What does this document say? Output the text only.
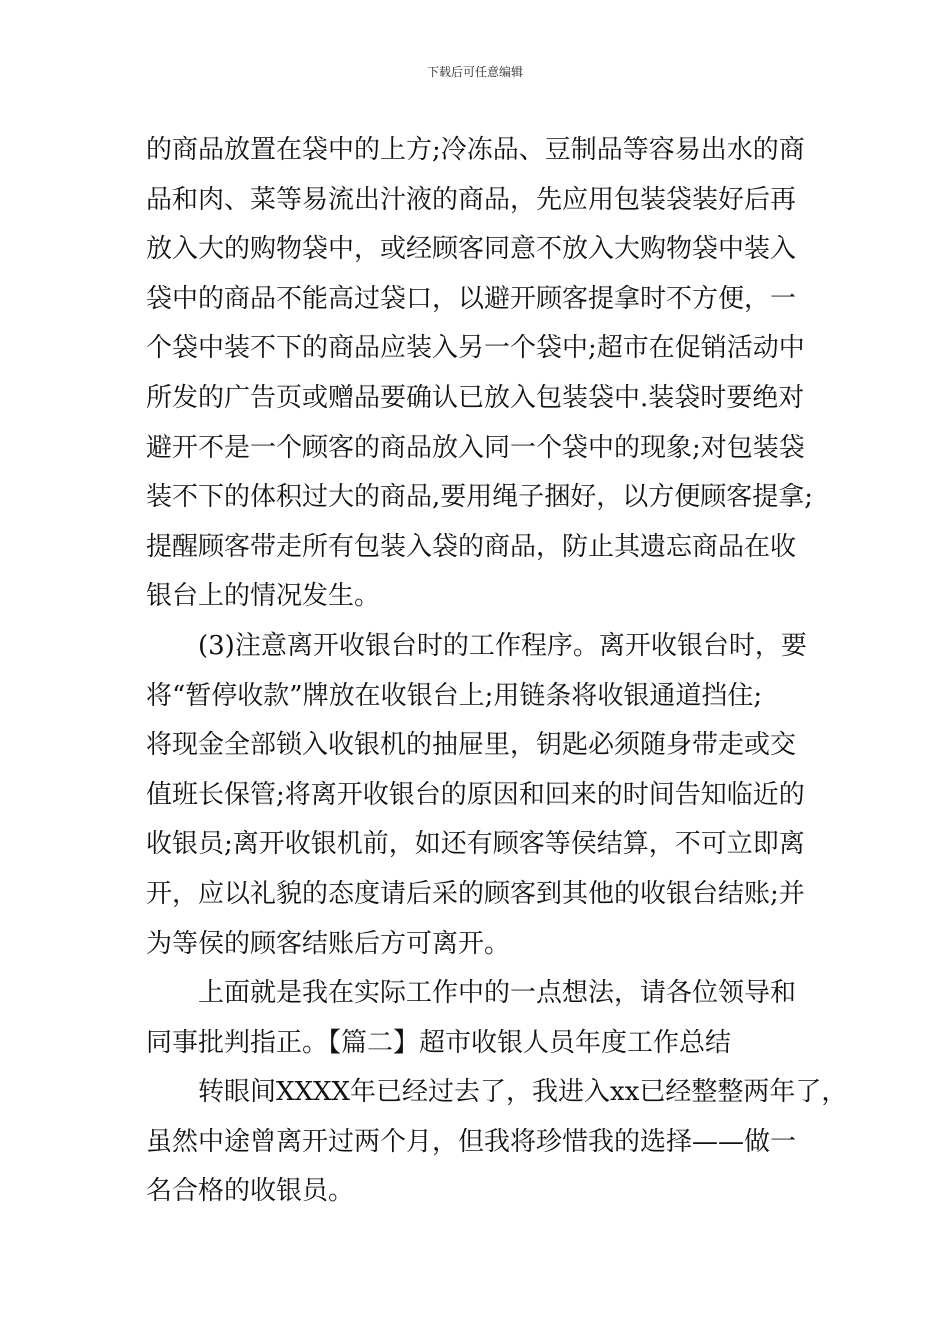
下载后可任意编辑
的商品放置在袋中的上方;冷冻品、豆制品等容易出水的商
品和肉、菜等易流出汁液的商品，先应用包装袋装好后再
放入大的购物袋中，或经顾客同意不放入大购物袋中装入
袋中的商品不能高过袋口，以避开顾客提拿时不方便，一
个袋中装不下的商品应装入另一个袋中;超市在促销活动中
所发的广告页或赠品要确认已放入包装袋中.装袋时要绝对
避开不是一个顾客的商品放入同一个袋中的现象;对包装袋
装不下的体积过大的商品,要用绳子捆好，以方便顾客提拿;
提醒顾客带走所有包装入袋的商品，防止其遗忘商品在收
银台上的情况发生。
(3)注意离开收银台时的工作程序。离开收银台时，要
将“暂停收款”牌放在收银台上;用链条将收银通道挡住;
将现金全部锁入收银机的抽屉里，钥匙必须随身带走或交
值班长保管;将离开收银台的原因和回来的时间告知临近的
收银员;离开收银机前，如还有顾客等侯结算，不可立即离
开，应以礼貌的态度请后采的顾客到其他的收银台结账;并
为等侯的顾客结账后方可离开。
上面就是我在实际工作中的一点想法，请各位领导和
同事批判指正。【篇二】超市收银人员年度工作总结
转眼间XXXX年已经过去了，我进入xx已经整整两年了，
虽然中途曾离开过两个月，但我将珍惜我的选择——做一
名合格的收银员。
